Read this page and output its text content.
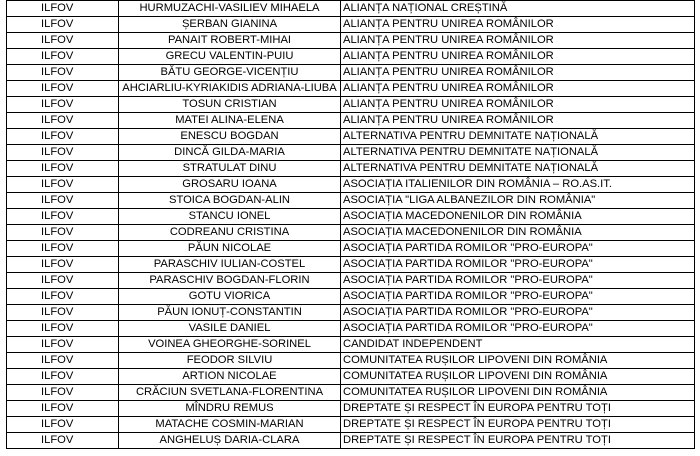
ILFOV	HURMUZACHI-VASILIEV MIHAELA	ALIANȚA NAȚIONAL CREȘTINĂ
ILFOV	ȘERBAN GIANINA	ALIANȚA PENTRU UNIREA ROMÂNILOR
ILFOV	PANAIT ROBERT-MIHAI	ALIANȚA PENTRU UNIREA ROMÂNILOR
ILFOV	GRECU VALENTIN-PUIU	ALIANȚA PENTRU UNIREA ROMÂNILOR
ILFOV	BĂTU GEORGE-VICENȚIU	ALIANȚA PENTRU UNIREA ROMÂNILOR
ILFOV	AHCIARLIU-KYRIAKIDIS ADRIANA-LIUBA	ALIANȚA PENTRU UNIREA ROMÂNILOR
ILFOV	TOSUN CRISTIAN	ALIANȚA PENTRU UNIREA ROMÂNILOR
ILFOV	MATEI ALINA-ELENA	ALIANȚA PENTRU UNIREA ROMÂNILOR
ILFOV	ENESCU BOGDAN	ALTERNATIVA PENTRU DEMNITATE NAȚIONALĂ
ILFOV	DINCĂ GILDA-MARIA	ALTERNATIVA PENTRU DEMNITATE NAȚIONALĂ
ILFOV	STRATULAT DINU	ALTERNATIVA PENTRU DEMNITATE NAȚIONALĂ
ILFOV	GROSARU IOANA	ASOCIAȚIA ITALIENILOR DIN ROMÂNIA – RO.AS.IT.
ILFOV	STOICA BOGDAN-ALIN	ASOCIAȚIA "LIGA ALBANEZILOR DIN ROMÂNIA"
ILFOV	STANCU IONEL	ASOCIAȚIA MACEDONENILOR DIN ROMÂNIA
ILFOV	CODREANU CRISTINA	ASOCIAȚIA MACEDONENILOR DIN ROMÂNIA
ILFOV	PĂUN NICOLAE	ASOCIAȚIA PARTIDA ROMILOR "PRO-EUROPA"
ILFOV	PARASCHIV IULIAN-COSTEL	ASOCIAȚIA PARTIDA ROMILOR "PRO-EUROPA"
ILFOV	PARASCHIV BOGDAN-FLORIN	ASOCIAȚIA PARTIDA ROMILOR "PRO-EUROPA"
ILFOV	GOTU VIORICA	ASOCIAȚIA PARTIDA ROMILOR "PRO-EUROPA"
ILFOV	PĂUN IONUȚ-CONSTANTIN	ASOCIAȚIA PARTIDA ROMILOR "PRO-EUROPA"
ILFOV	VASILE DANIEL	ASOCIAȚIA PARTIDA ROMILOR "PRO-EUROPA"
ILFOV	VOINEA GHEORGHE-SORINEL	CANDIDAT INDEPENDENT
ILFOV	FEODOR SILVIU	COMUNITATEA RUȘILOR LIPOVENI DIN ROMÂNIA
ILFOV	ARTION NICOLAE	COMUNITATEA RUȘILOR LIPOVENI DIN ROMÂNIA
ILFOV	CRĂCIUN SVETLANA-FLORENTINA	COMUNITATEA RUȘILOR LIPOVENI DIN ROMÂNIA
ILFOV	MÎNDRU REMUS	DREPTATE ȘI RESPECT ÎN EUROPA PENTRU TOȚI
ILFOV	MATACHE COSMIN-MARIAN	DREPTATE ȘI RESPECT ÎN EUROPA PENTRU TOȚI
ILFOV	ANGHELUȘ DARIA-CLARA	DREPTATE ȘI RESPECT ÎN EUROPA PENTRU TOȚI
